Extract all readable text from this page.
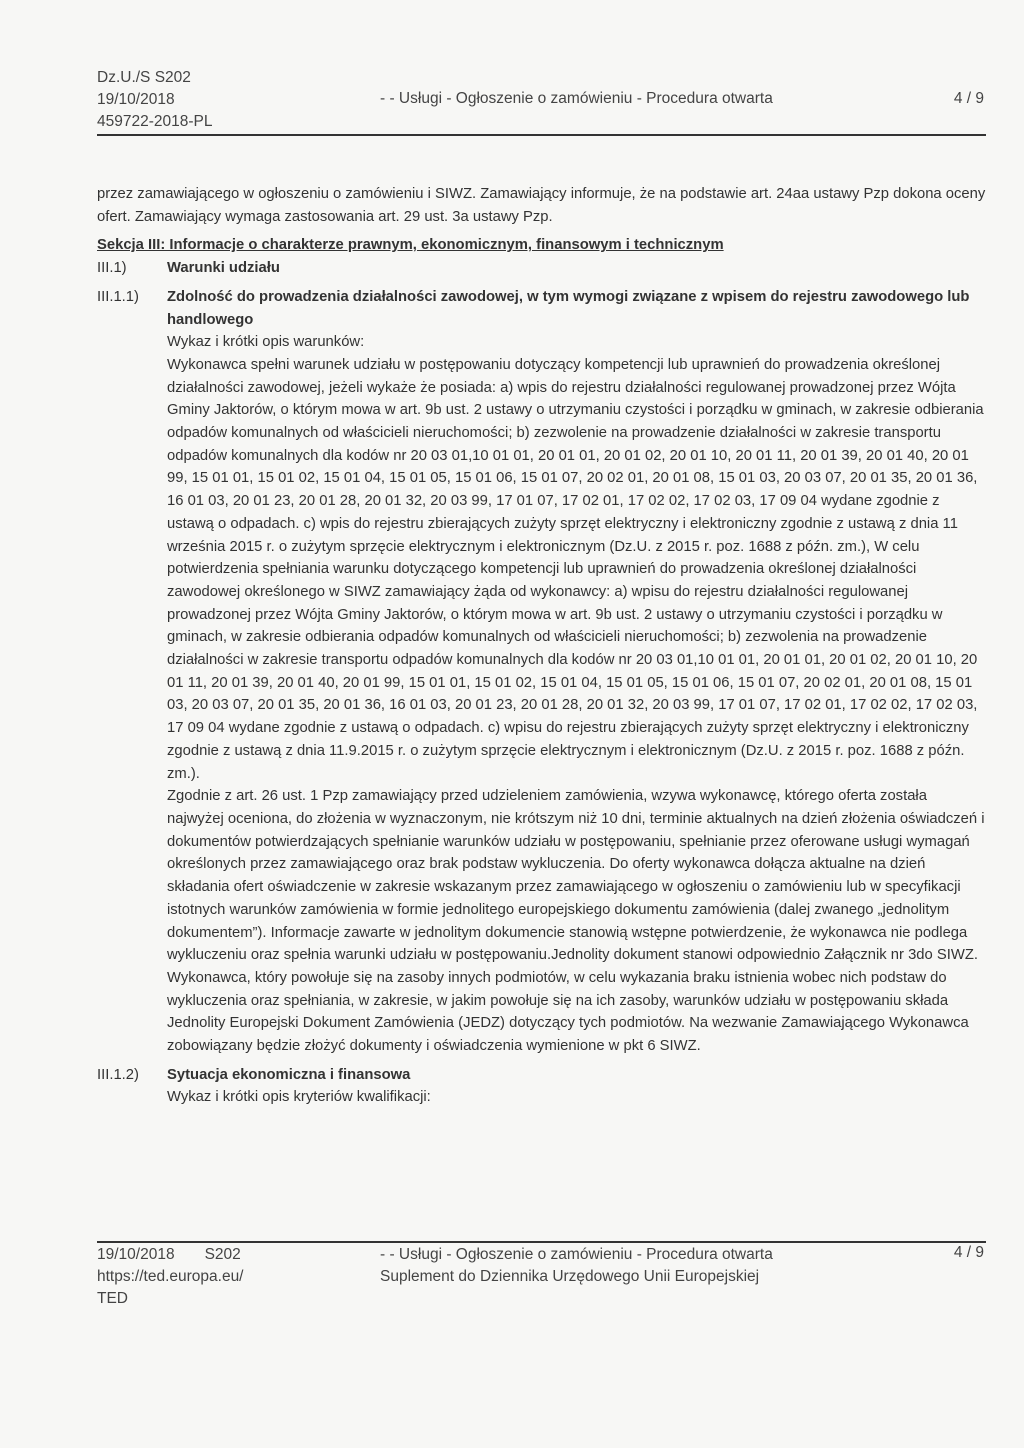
Dz.U./S S202
19/10/2018
459722-2018-PL
- - Usługi - Ogłoszenie o zamówieniu - Procedura otwarta	4 / 9

przez zamawiającego w ogłoszeniu o zamówieniu i SIWZ. Zamawiający informuje, że na podstawie art. 24aa ustawy Pzp dokona oceny ofert. Zamawiający wymaga zastosowania art. 29 ust. 3a ustawy Pzp.

Sekcja III: Informacje o charakterze prawnym, ekonomicznym, finansowym i technicznym
III.1)	Warunki udziału
III.1.1)	Zdolność do prowadzenia działalności zawodowej, w tym wymogi związane z wpisem do rejestru zawodowego lub handlowego
Wykaz i krótki opis warunków:

Wykonawca spełni warunek udziału w postępowaniu dotyczący kompetencji lub uprawnień do prowadzenia określonej działalności zawodowej, jeżeli wykaże że posiada: a) wpis do rejestru działalności regulowanej prowadzonej przez Wójta Gminy Jaktorów, o którym mowa w art. 9b ust. 2 ustawy o utrzymaniu czystości i porządku w gminach, w zakresie odbierania odpadów komunalnych od właścicieli nieruchomości; b) zezwolenie na prowadzenie działalności w zakresie transportu odpadów komunalnych dla kodów nr 20 03 01,10 01 01, 20 01 01, 20 01 02, 20 01 10, 20 01 11, 20 01 39, 20 01 40, 20 01 99, 15 01 01, 15 01 02, 15 01 04, 15 01 05, 15 01 06, 15 01 07, 20 02 01, 20 01 08, 15 01 03, 20 03 07, 20 01 35, 20 01 36, 16 01 03, 20 01 23, 20 01 28, 20 01 32, 20 03 99, 17 01 07, 17 02 01, 17 02 02, 17 02 03, 17 09 04 wydane zgodnie z ustawą o odpadach. c) wpis do rejestru zbierających zużyty sprzęt elektryczny i elektroniczny zgodnie z ustawą z dnia 11 września 2015 r. o zużytym sprzęcie elektrycznym i elektronicznym (Dz.U. z 2015 r. poz. 1688 z późn. zm.), W celu potwierdzenia spełniania warunku dotyczącego kompetencji lub uprawnień do prowadzenia określonej działalności zawodowej określonego w SIWZ zamawiający żąda od wykonawcy: a) wpisu do rejestru działalności regulowanej prowadzonej przez Wójta Gminy Jaktorów, o którym mowa w art. 9b ust. 2 ustawy o utrzymaniu czystości i porządku w gminach, w zakresie odbierania odpadów komunalnych od właścicieli nieruchomości; b) zezwolenia na prowadzenie działalności w zakresie transportu odpadów komunalnych dla kodów nr 20 03 01,10 01 01, 20 01 01, 20 01 02, 20 01 10, 20 01 11, 20 01 39, 20 01 40, 20 01 99, 15 01 01, 15 01 02, 15 01 04, 15 01 05, 15 01 06, 15 01 07, 20 02 01, 20 01 08, 15 01 03, 20 03 07, 20 01 35, 20 01 36, 16 01 03, 20 01 23, 20 01 28, 20 01 32, 20 03 99, 17 01 07, 17 02 01, 17 02 02, 17 02 03, 17 09 04 wydane zgodnie z ustawą o odpadach. c) wpisu do rejestru zbierających zużyty sprzęt elektryczny i elektroniczny zgodnie z ustawą z dnia 11.9.2015 r. o zużytym sprzęcie elektrycznym i elektronicznym (Dz.U. z 2015 r. poz. 1688 z późn. zm.).

Zgodnie z art. 26 ust. 1 Pzp zamawiający przed udzieleniem zamówienia, wzywa wykonawcę, którego oferta została najwyżej oceniona, do złożenia w wyznaczonym, nie krótszym niż 10 dni, terminie aktualnych na dzień złożenia oświadczeń i dokumentów potwierdzających spełnianie warunków udziału w postępowaniu, spełnianie przez oferowane usługi wymagań określonych przez zamawiającego oraz brak podstaw wykluczenia. Do oferty wykonawca dołącza aktualne na dzień składania ofert oświadczenie w zakresie wskazanym przez zamawiającego w ogłoszeniu o zamówieniu lub w specyfikacji istotnych warunków zamówienia w formie jednolitego europejskiego dokumentu zamówienia (dalej zwanego „jednolitym dokumentem”). Informacje zawarte w jednolitym dokumencie stanowią wstępne potwierdzenie, że wykonawca nie podlega wykluczeniu oraz spełnia warunki udziału w postępowaniu.Jednolity dokument stanowi odpowiednio Załącznik nr 3do SIWZ. Wykonawca, który powołuje się na zasoby innych podmiotów, w celu wykazania braku istnienia wobec nich podstaw do wykluczenia oraz spełniania, w zakresie, w jakim powołuje się na ich zasoby, warunków udziału w postępowaniu składa Jednolity Europejski Dokument Zamówienia (JEDZ) dotyczący tych podmiotów. Na wezwanie Zamawiającego Wykonawca zobowiązany będzie złożyć dokumenty i oświadczenia wymienione w pkt 6 SIWZ.

III.1.2)	Sytuacja ekonomiczna i finansowa
Wykaz i krótki opis kryteriów kwalifikacji:
19/10/2018 S202
https://ted.europa.eu/
TED
- - Usługi - Ogłoszenie o zamówieniu - Procedura otwarta
Suplement do Dziennika Urzędowego Unii Europejskiej
4 / 9
